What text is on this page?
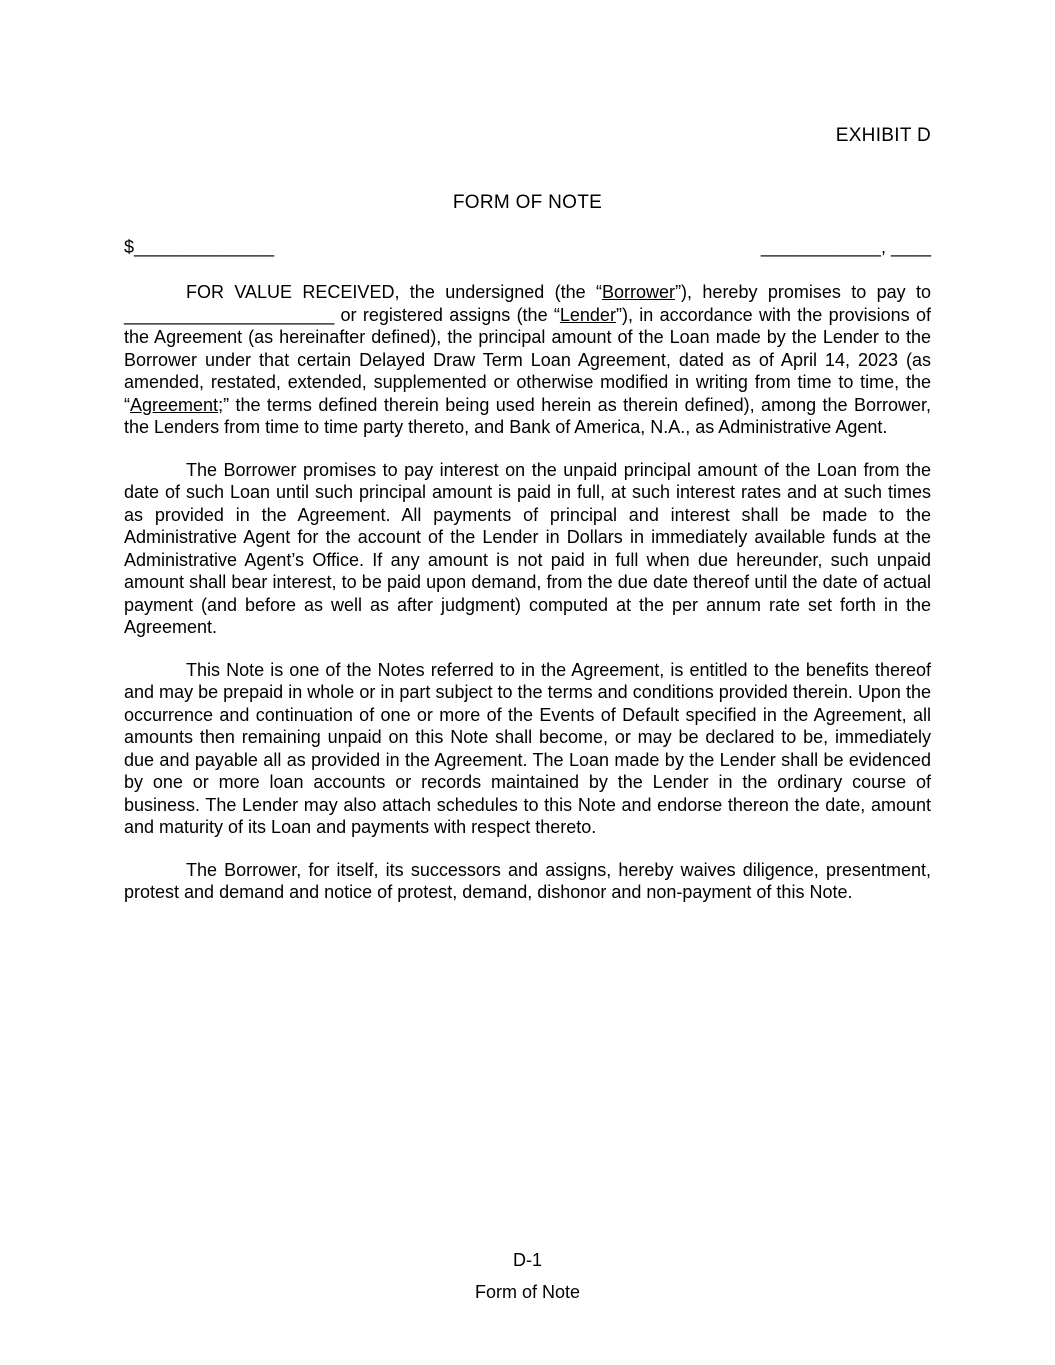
EXHIBIT D
FORM OF NOTE
$______________	____________, ____

FOR VALUE RECEIVED, the undersigned (the “Borrower”), hereby promises to pay to _____________________ or registered assigns (the “Lender”), in accordance with the provisions of the Agreement (as hereinafter defined), the principal amount of the Loan made by the Lender to the Borrower under that certain Delayed Draw Term Loan Agreement, dated as of April 14, 2023 (as amended, restated, extended, supplemented or otherwise modified in writing from time to time, the “Agreement;” the terms defined therein being used herein as therein defined), among the Borrower, the Lenders from time to time party thereto, and Bank of America, N.A., as Administrative Agent.

The Borrower promises to pay interest on the unpaid principal amount of the Loan from the date of such Loan until such principal amount is paid in full, at such interest rates and at such times as provided in the Agreement. All payments of principal and interest shall be made to the Administrative Agent for the account of the Lender in Dollars in immediately available funds at the Administrative Agent’s Office. If any amount is not paid in full when due hereunder, such unpaid amount shall bear interest, to be paid upon demand, from the due date thereof until the date of actual payment (and before as well as after judgment) computed at the per annum rate set forth in the Agreement.

This Note is one of the Notes referred to in the Agreement, is entitled to the benefits thereof and may be prepaid in whole or in part subject to the terms and conditions provided therein. Upon the occurrence and continuation of one or more of the Events of Default specified in the Agreement, all amounts then remaining unpaid on this Note shall become, or may be declared to be, immediately due and payable all as provided in the Agreement. The Loan made by the Lender shall be evidenced by one or more loan accounts or records maintained by the Lender in the ordinary course of business. The Lender may also attach schedules to this Note and endorse thereon the date, amount and maturity of its Loan and payments with respect thereto.

The Borrower, for itself, its successors and assigns, hereby waives diligence, presentment, protest and demand and notice of protest, demand, dishonor and non-payment of this Note.

D-1
Form of Note
